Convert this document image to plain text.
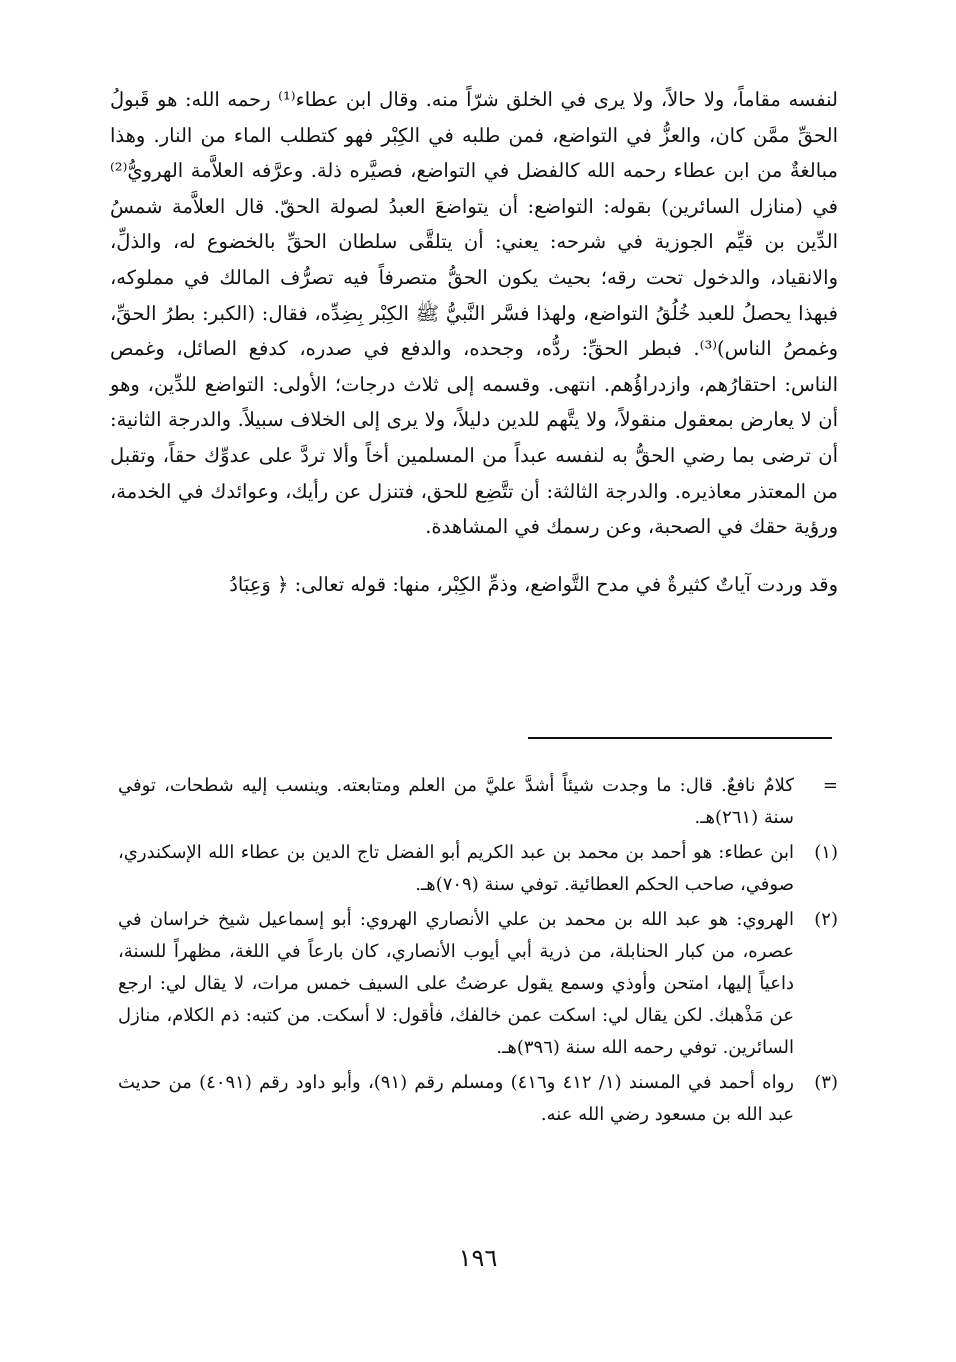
لنفسه مقاماً، ولا حالاً، ولا يرى في الخلق شرّاً منه. وقال ابن عطاء⁽¹⁾ رحمه الله: هو قَبولُ الحقِّ ممَّن كان، والعزُّ في التواضع، فمن طلبه في الكِبْر فهو كتطلب الماء من النار. وهذا مبالغةٌ من ابن عطاء رحمه الله كالفضل في التواضع، فصيَّره ذلة. وعرَّفه العلاَّمة الهرويُّ⁽²⁾ في (منازل السائرين) بقوله: التواضع: أن يتواضعَ العبدُ لصولة الحقّ. قال العلاَّمة شمسُ الدِّين بن قيِّم الجوزية في شرحه: يعني: أن يتلقَّى سلطان الحقِّ بالخضوع له، والذلِّ، والانقياد، والدخول تحت رقه؛ بحيث يكون الحقُّ متصرفاً فيه تصرُّف المالك في مملوكه، فبهذا يحصلُ للعبد خُلُقُ التواضع، ولهذا فسَّر النَّبيُّ ﷺ الكِبْر بِضِدِّه، فقال: (الكبر: بطرُ الحقِّ، وغمصُ الناس)⁽³⁾. فبطر الحقِّ: ردُّه، وجحده، والدفع في صدره، كدفع الصائل، وغمص الناس: احتقارُهم، وازدراؤُهم. انتهى. وقسمه إلى ثلاث درجات؛ الأولى: التواضع للدِّين، وهو أن لا يعارض بمعقول منقولاً، ولا يتَّهم للدين دليلاً، ولا يرى إلى الخلاف سبيلاً. والدرجة الثانية: أن ترضى بما رضي الحقُّ به لنفسه عبداً من المسلمين أخاً وألا تردَّ على عدوِّك حقاً، وتقبل من المعتذر معاذيره. والدرجة الثالثة: أن تتَّضِع للحق، فتنزل عن رأيك، وعوائدك في الخدمة، ورؤية حقك في الصحبة، وعن رسمك في المشاهدة.

وقد وردت آياتٌ كثيرةٌ في مدح التَّواضع، وذمِّ الكِبْر، منها: قوله تعالى: ﴿ وَعِبَادُ

=
كلامٌ نافعٌ. قال: ما وجدت شيئاً أشدَّ عليَّ من العلم ومتابعته. وينسب إليه شطحات، توفي سنة (٢٦١)هـ.
(١)
ابن عطاء: هو أحمد بن محمد بن عبد الكريم أبو الفضل تاج الدين بن عطاء الله الإسكندري، صوفي، صاحب الحكم العطائية. توفي سنة (٧٠٩)هـ.
(٢)
الهروي: هو عبد الله بن محمد بن علي الأنصاري الهروي: أبو إسماعيل شيخ خراسان في عصره، من كبار الحنابلة، من ذرية أبي أيوب الأنصاري، كان بارعاً في اللغة، مظهراً للسنة، داعياً إليها، امتحن وأوذي وسمع يقول عرضتُ على السيف خمس مرات، لا يقال لي: ارجع عن مَذْهبك. لكن يقال لي: اسكت عمن خالفك، فأقول: لا أسكت. من كتبه: ذم الكلام، منازل السائرين. توفي رحمه الله سنة (٣٩٦)هـ.
(٣)
رواه أحمد في المسند (١/ ٤١٢ و٤١٦) ومسلم رقم (٩١)، وأبو داود رقم (٤٠٩١) من حديث عبد الله بن مسعود رضي الله عنه.
١٩٦
